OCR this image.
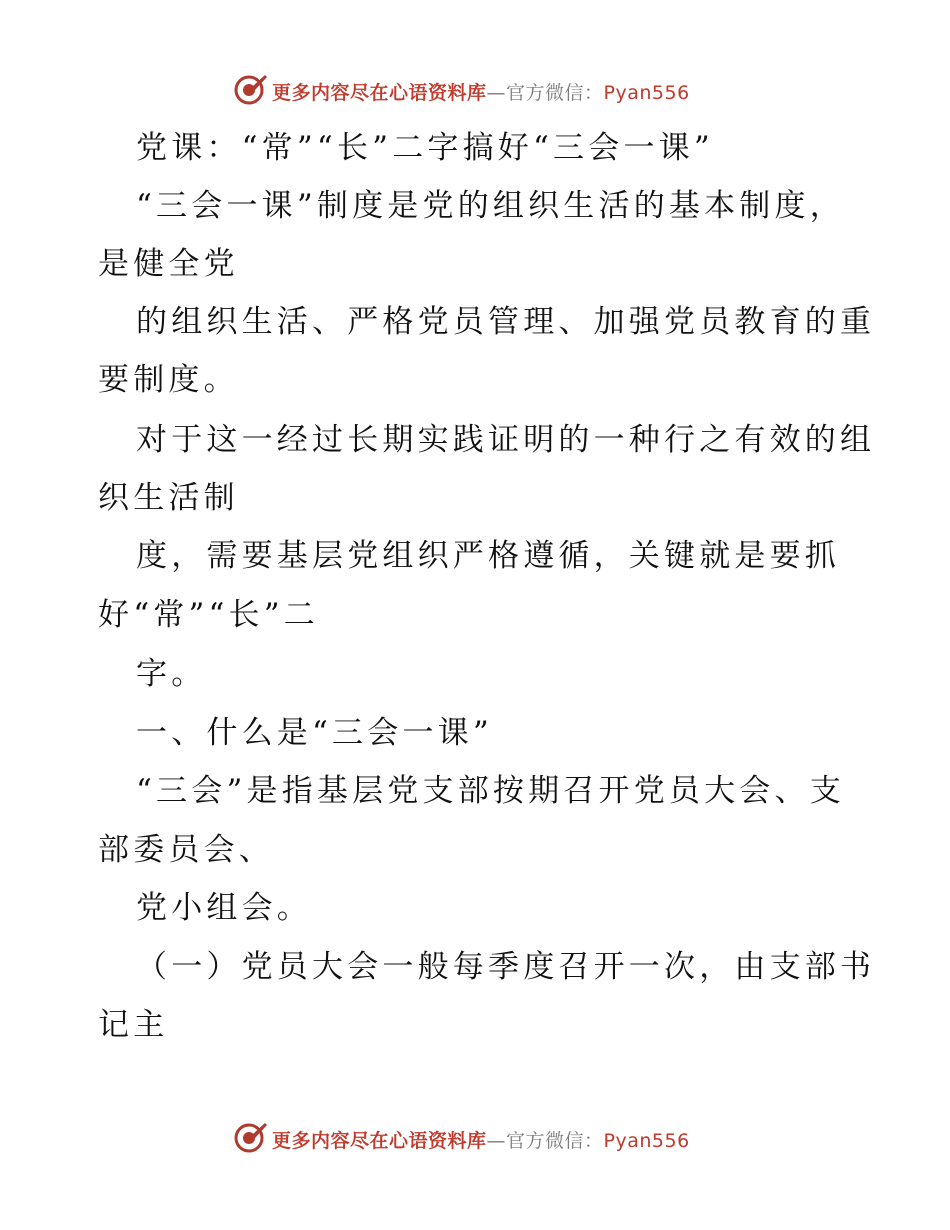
更多内容尽在心语资料库—官方微信：Pyan556
党课：“常”“长”二字搞好“三会一课”
“三会一课”制度是党的组织生活的基本制度，
是健全党
的组织生活、严格党员管理、加强党员教育的重
要制度。
对于这一经过长期实践证明的一种行之有效的组
织生活制
度，需要基层党组织严格遵循，关键就是要抓
好“常”“长”二
字。
一、什么是“三会一课”
“三会”是指基层党支部按期召开党员大会、支
部委员会、
党小组会。
（一）党员大会一般每季度召开一次，由支部书
记主
更多内容尽在心语资料库—官方微信：Pyan556
